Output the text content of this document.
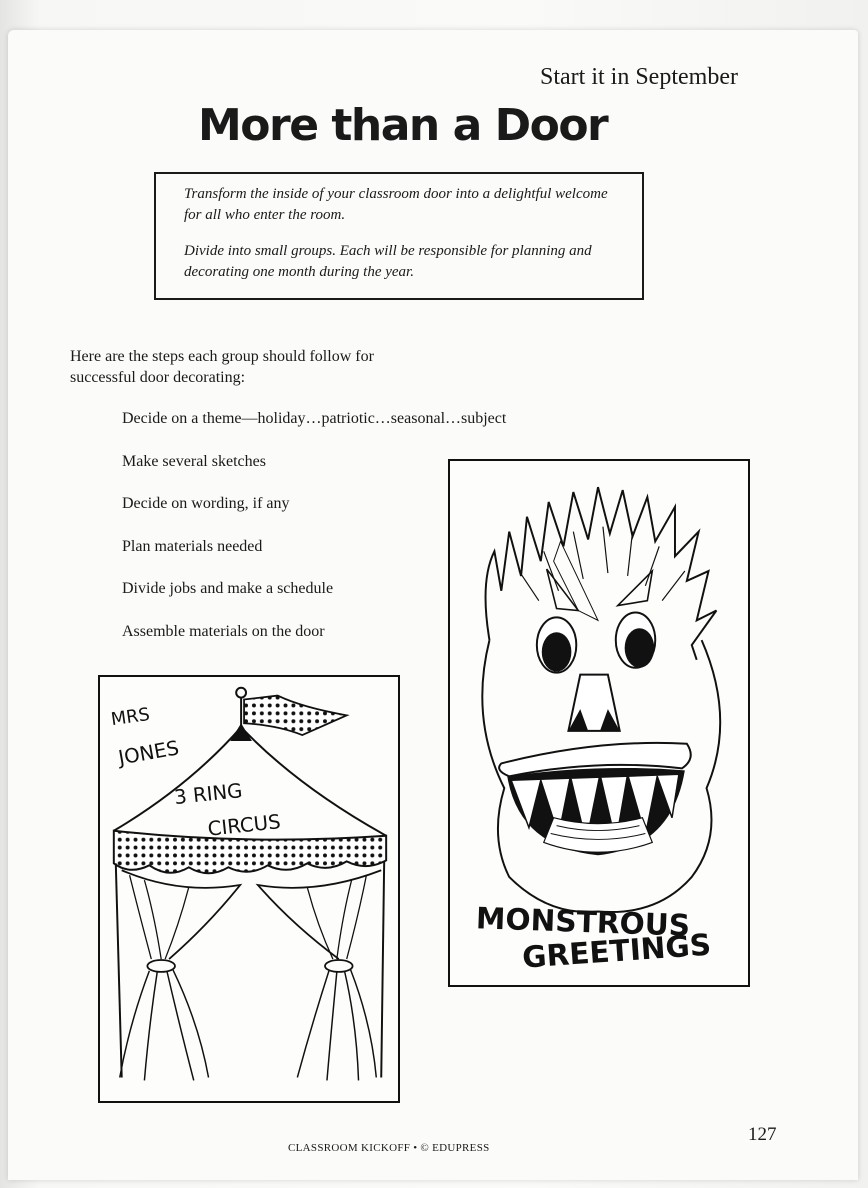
Start it in September
More than a Door

Transform the inside of your classroom door into a delightful welcome for all who enter the room.

Divide into small groups. Each will be responsible for planning and decorating one month during the year.

Here are the steps each group should follow for successful door decorating:
Decide on a theme—holiday…patriotic…seasonal…subject
Make several sketches
Decide on wording, if any
Plan materials needed
Divide jobs and make a schedule
Assemble materials on the door
MRS
JONES
3 RING
CIRCUS
MONSTROUS
GREETINGS
CLASSROOM KICKOFF • © EDUPRESS
127
